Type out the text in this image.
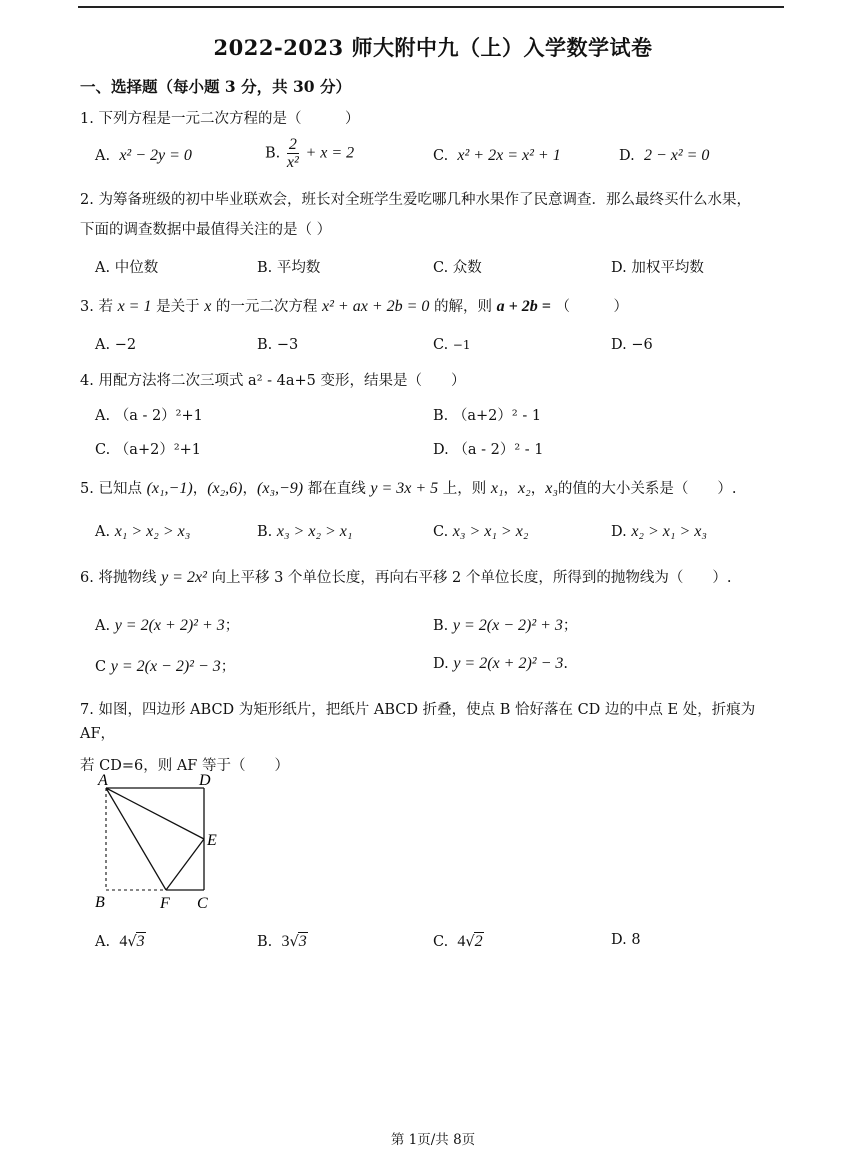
2022-2023 师大附中九（上）入学数学试卷
一、选择题（每小题 3 分，共 30 分）
1. 下列方程是一元二次方程的是（　　　）
A. x² − 2y = 0	B. $\frac{2}{\text{x²}} + x = 2$	C. x² + 2x = x² + 1	D. 2 − x² = 0
2. 为筹备班级的初中毕业联欢会，班长对全班学生爱吃哪几种水果作了民意调查．那么最终买什么水果，
下面的调查数据中最值得关注的是（ ）
A. 中位数	B. 平均数	C. 众数	D. 加权平均数
3. 若 x = 1 是关于 x 的一元二次方程 x² + ax + 2b = 0 的解，则 a + 2b = （　　　）
A. −2	B. −3	C. −1	D. −6
4. 用配方法将二次三项式 a² - 4a+5 变形，结果是（　　）
A. （a - 2）²+1	B. （a+2）² - 1
C. （a+2）²+1	D. （a - 2）² - 1
5. 已知点 (x₁,−1)，(x₂,6)，(x₃,−9) 都在直线 y = 3x + 5 上，则 x₁，x₂，x₃的值的大小关系是（　　）.
A. x₁ > x₂ > x₃	B. x₃ > x₂ > x₁	C. x₃ > x₁ > x₂	D. x₂ > x₁ > x₃
6. 将抛物线 y = 2x² 向上平移 3 个单位长度，再向右平移 2 个单位长度，所得到的抛物线为（　　）.
A. y = 2(x + 2)² + 3；	B. y = 2(x − 2)² + 3；
C y = 2(x − 2)² − 3；	D. y = 2(x + 2)² − 3.
7. 如图，四边形 ABCD 为矩形纸片，把纸片 ABCD 折叠，使点 B 恰好落在 CD 边的中点 E 处，折痕为 AF，
若 CD=6，则 AF 等于（　　）
A	D
E
B	F C
A. 4√3	B. 3√3	C. 4√2	D. 8
第 1页/共 8页
